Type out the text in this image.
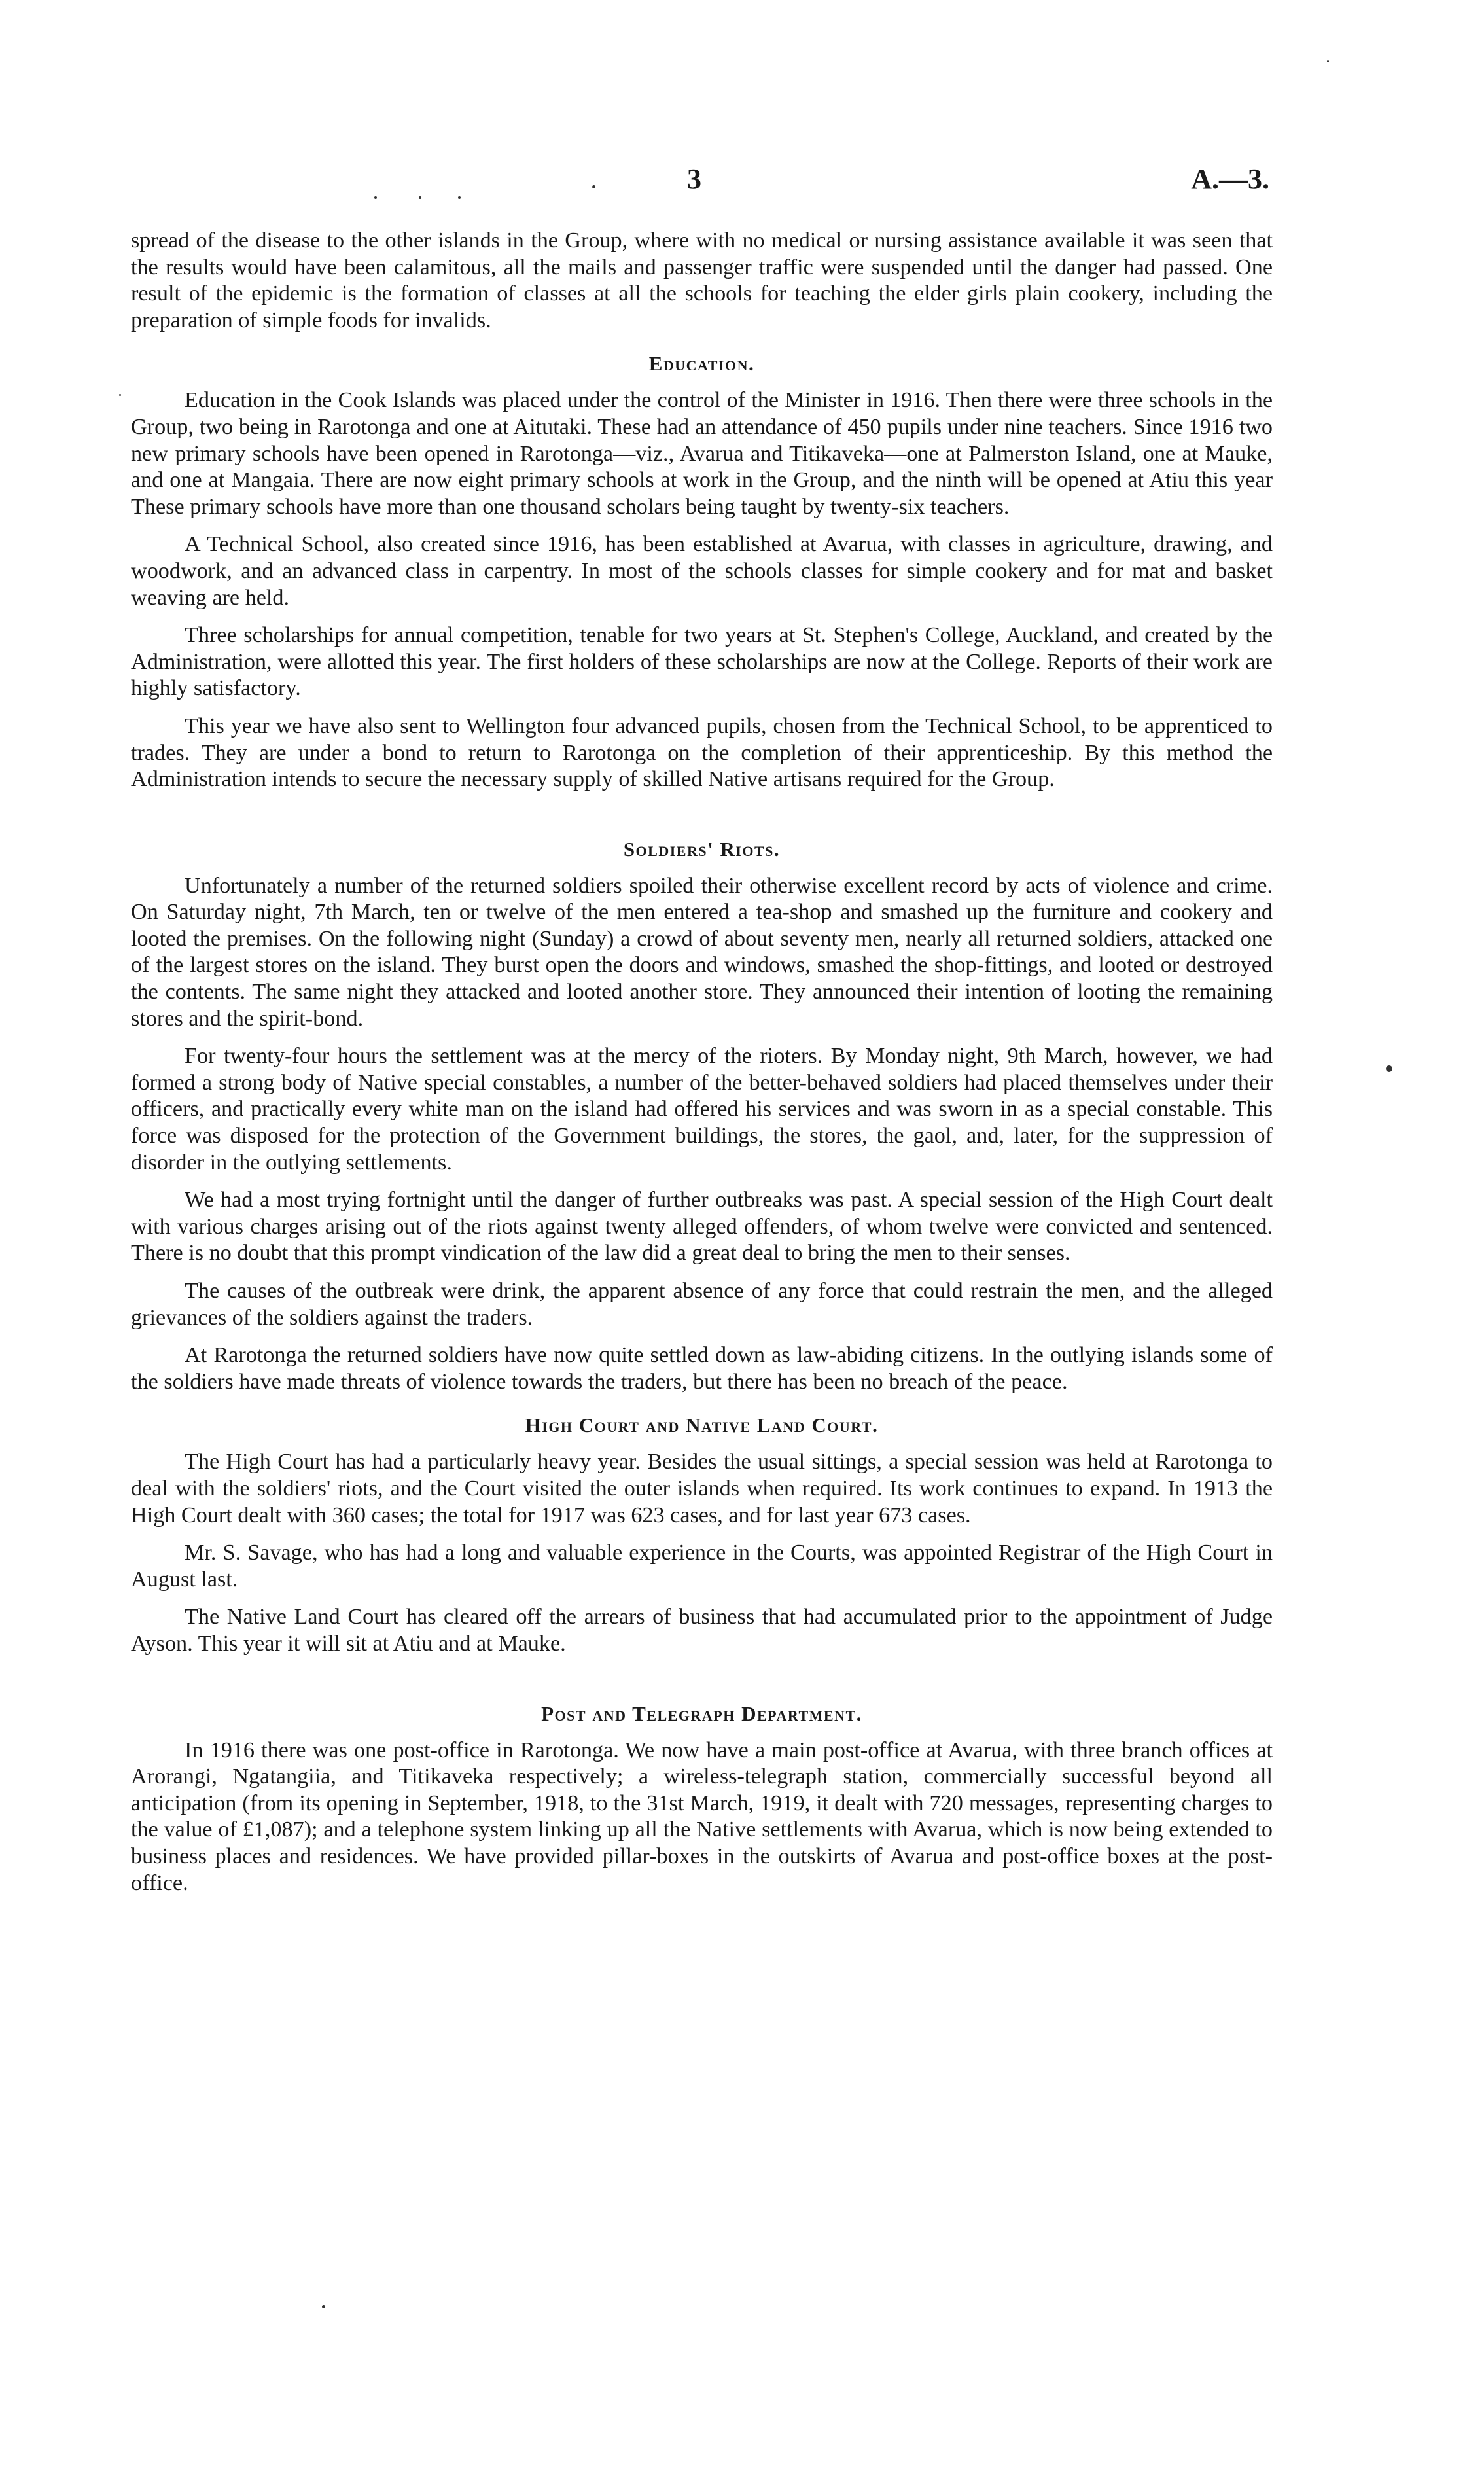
3	A.—3.

spread of the disease to the other islands in the Group, where with no medical or nursing assistance available it was seen that the results would have been calamitous, all the mails and passenger traffic were suspended until the danger had passed. One result of the epidemic is the formation of classes at all the schools for teaching the elder girls plain cookery, including the preparation of simple foods for invalids.

Education.

Education in the Cook Islands was placed under the control of the Minister in 1916. Then there were three schools in the Group, two being in Rarotonga and one at Aitutaki. These had an attendance of 450 pupils under nine teachers. Since 1916 two new primary schools have been opened in Rarotonga—viz., Avarua and Titikaveka—one at Palmerston Island, one at Mauke, and one at Mangaia. There are now eight primary schools at work in the Group, and the ninth will be opened at Atiu this year These primary schools have more than one thousand scholars being taught by twenty-six teachers.

A Technical School, also created since 1916, has been established at Avarua, with classes in agriculture, drawing, and woodwork, and an advanced class in carpentry. In most of the schools classes for simple cookery and for mat and basket weaving are held.

Three scholarships for annual competition, tenable for two years at St. Stephen's College, Auckland, and created by the Administration, were allotted this year. The first holders of these scholarships are now at the College. Reports of their work are highly satisfactory.

This year we have also sent to Wellington four advanced pupils, chosen from the Technical School, to be apprenticed to trades. They are under a bond to return to Rarotonga on the completion of their apprenticeship. By this method the Administration intends to secure the necessary supply of skilled Native artisans required for the Group.

Soldiers' Riots.

Unfortunately a number of the returned soldiers spoiled their otherwise excellent record by acts of violence and crime. On Saturday night, 7th March, ten or twelve of the men entered a tea-shop and smashed up the furniture and cookery and looted the premises. On the following night (Sunday) a crowd of about seventy men, nearly all returned soldiers, attacked one of the largest stores on the island. They burst open the doors and windows, smashed the shop-fittings, and looted or destroyed the contents. The same night they attacked and looted another store. They announced their intention of looting the remaining stores and the spirit-bond.

For twenty-four hours the settlement was at the mercy of the rioters. By Monday night, 9th March, however, we had formed a strong body of Native special constables, a number of the better-behaved soldiers had placed themselves under their officers, and practically every white man on the island had offered his services and was sworn in as a special constable. This force was disposed for the protection of the Government buildings, the stores, the gaol, and, later, for the suppression of disorder in the outlying settlements.

We had a most trying fortnight until the danger of further outbreaks was past. A special session of the High Court dealt with various charges arising out of the riots against twenty alleged offenders, of whom twelve were convicted and sentenced. There is no doubt that this prompt vindication of the law did a great deal to bring the men to their senses.

The causes of the outbreak were drink, the apparent absence of any force that could restrain the men, and the alleged grievances of the soldiers against the traders.

At Rarotonga the returned soldiers have now quite settled down as law-abiding citizens. In the outlying islands some of the soldiers have made threats of violence towards the traders, but there has been no breach of the peace.

High Court and Native Land Court.

The High Court has had a particularly heavy year. Besides the usual sittings, a special session was held at Rarotonga to deal with the soldiers' riots, and the Court visited the outer islands when required. Its work continues to expand. In 1913 the High Court dealt with 360 cases; the total for 1917 was 623 cases, and for last year 673 cases.

Mr. S. Savage, who has had a long and valuable experience in the Courts, was appointed Registrar of the High Court in August last.

The Native Land Court has cleared off the arrears of business that had accumulated prior to the appointment of Judge Ayson. This year it will sit at Atiu and at Mauke.

Post and Telegraph Department.

In 1916 there was one post-office in Rarotonga. We now have a main post-office at Avarua, with three branch offices at Arorangi, Ngatangiia, and Titikaveka respectively; a wireless-telegraph station, commercially successful beyond all anticipation (from its opening in September, 1918, to the 31st March, 1919, it dealt with 720 messages, representing charges to the value of £1,087); and a telephone system linking up all the Native settlements with Avarua, which is now being extended to business places and residences. We have provided pillar-boxes in the outskirts of Avarua and post-office boxes at the post-office.
